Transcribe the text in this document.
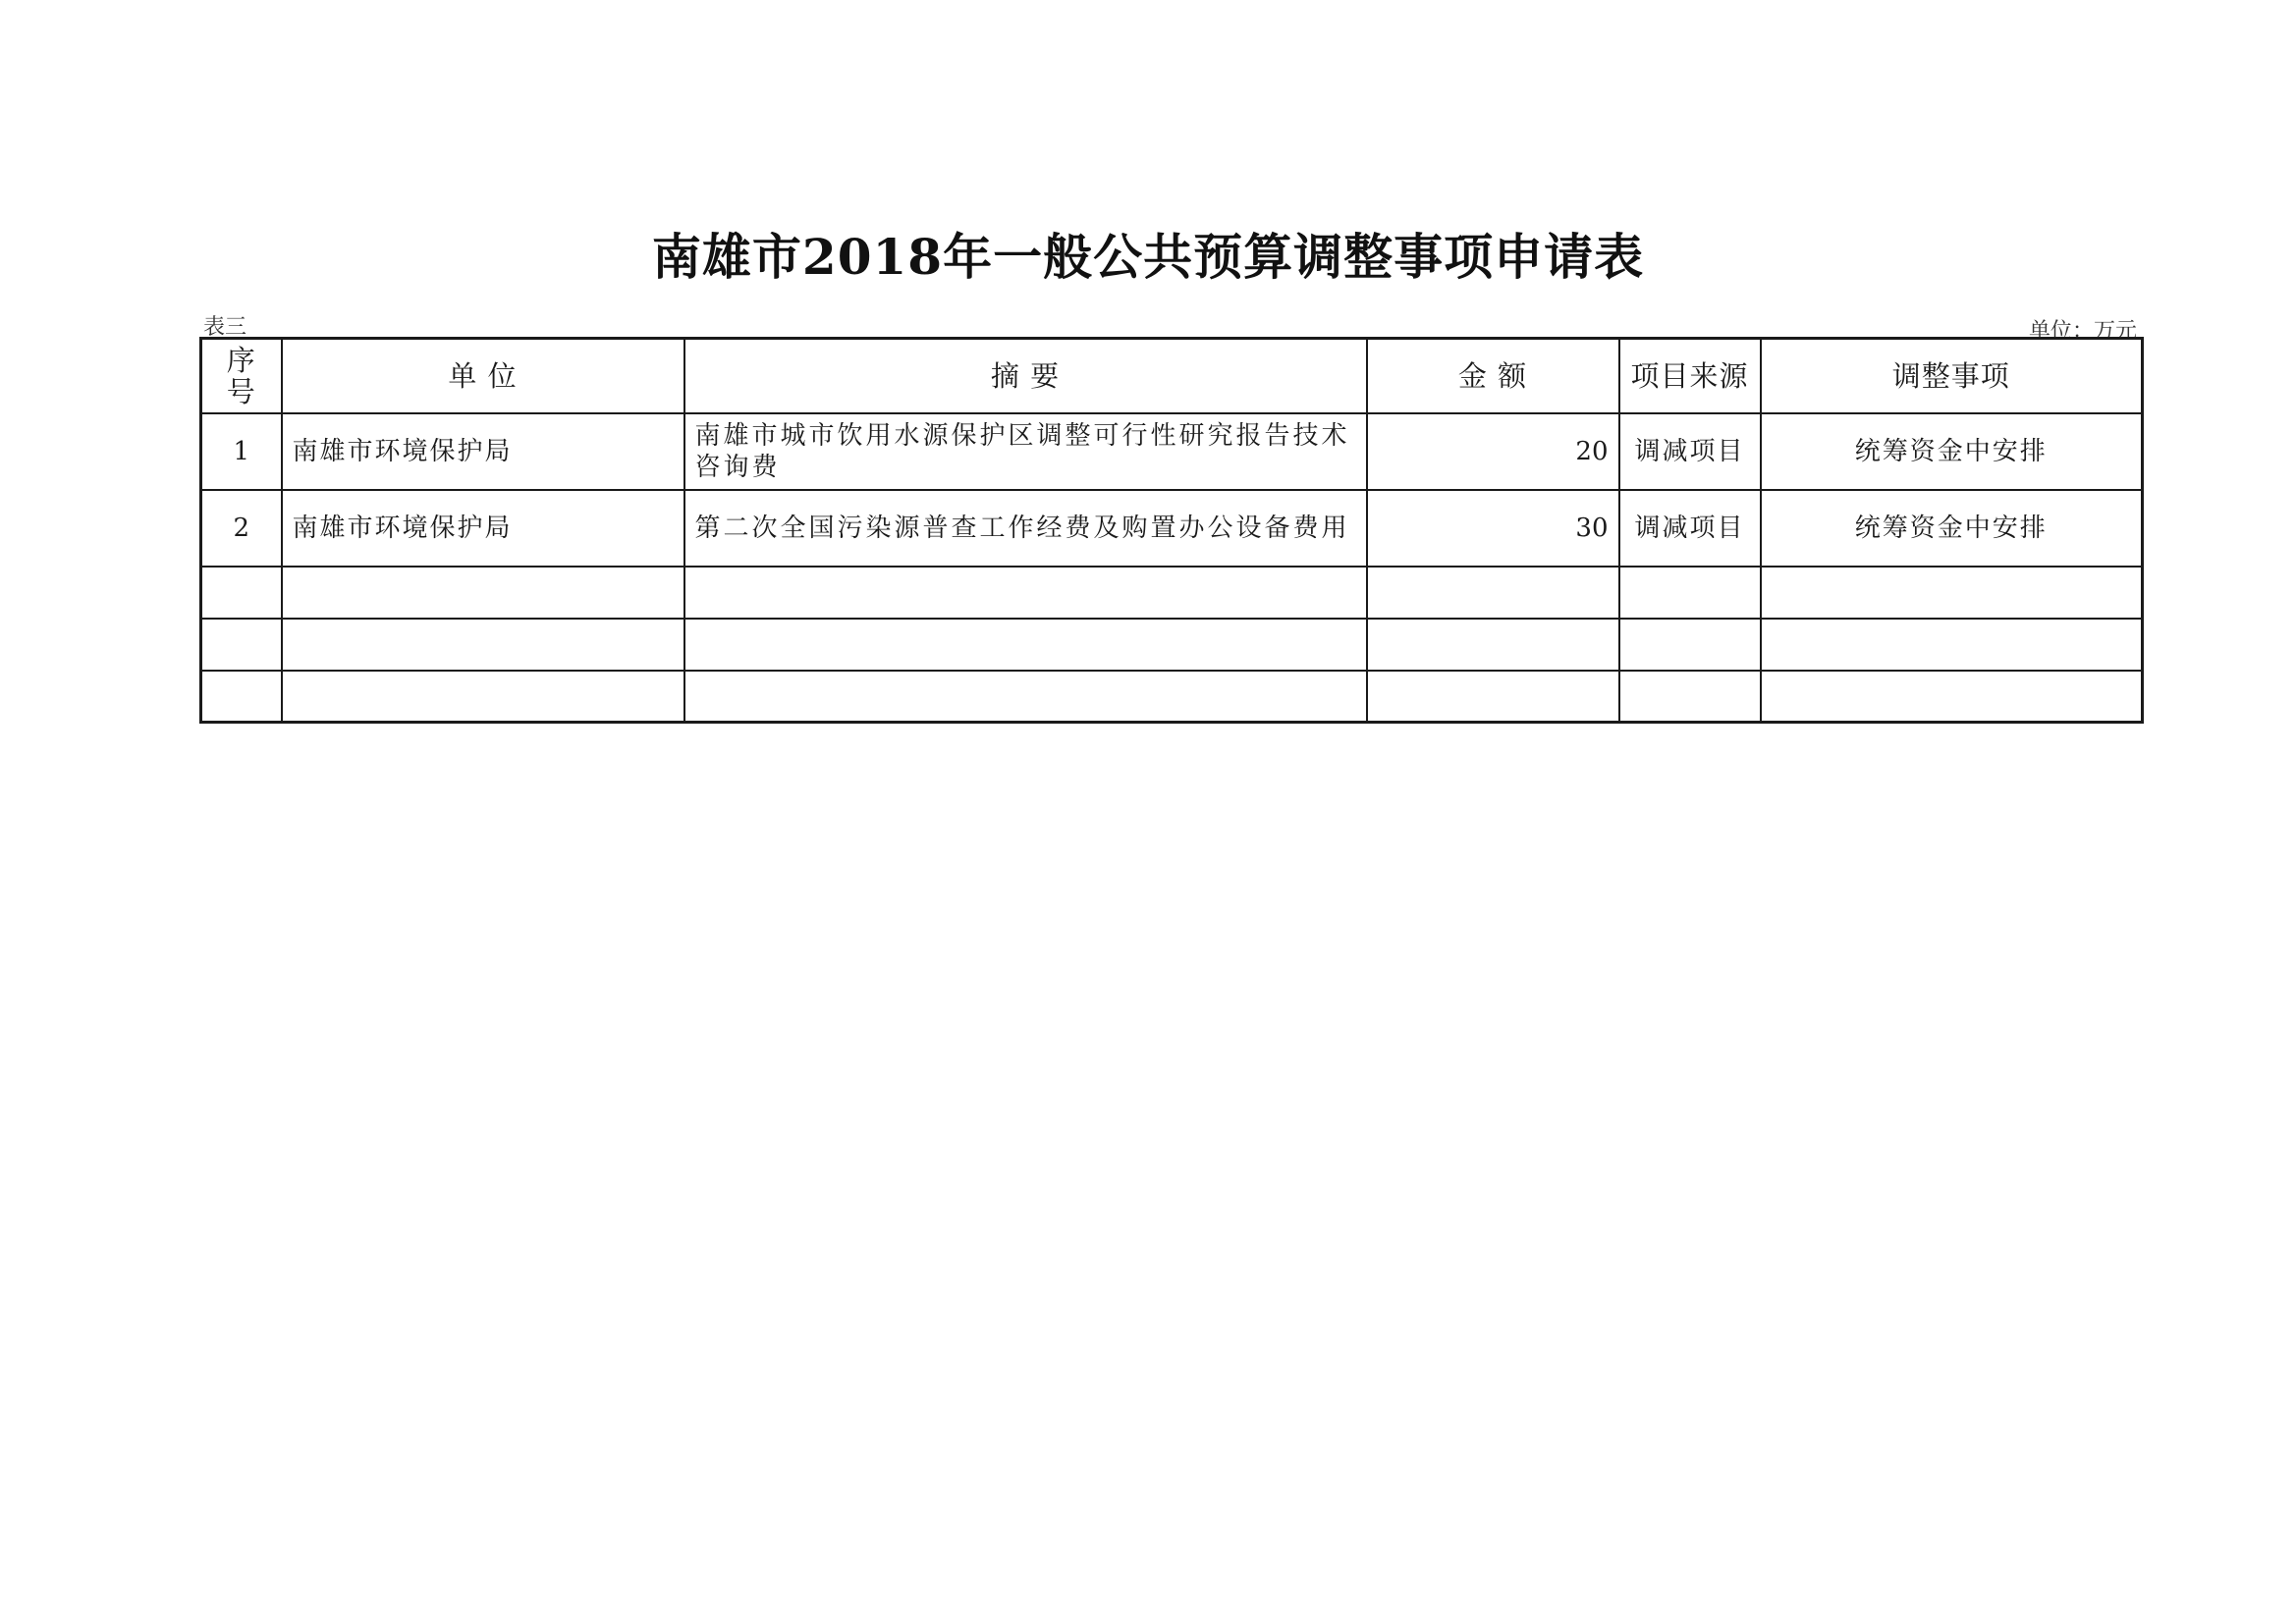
南雄市2018年一般公共预算调整事项申请表
表三	单位：万元
序号	单 位	摘 要	金 额	项目来源	调整事项
1	南雄市环境保护局	南雄市城市饮用水源保护区调整可行性研究报告技术咨询费	20	调减项目	统筹资金中安排
2	南雄市环境保护局	第二次全国污染源普查工作经费及购置办公设备费用	30	调减项目	统筹资金中安排
